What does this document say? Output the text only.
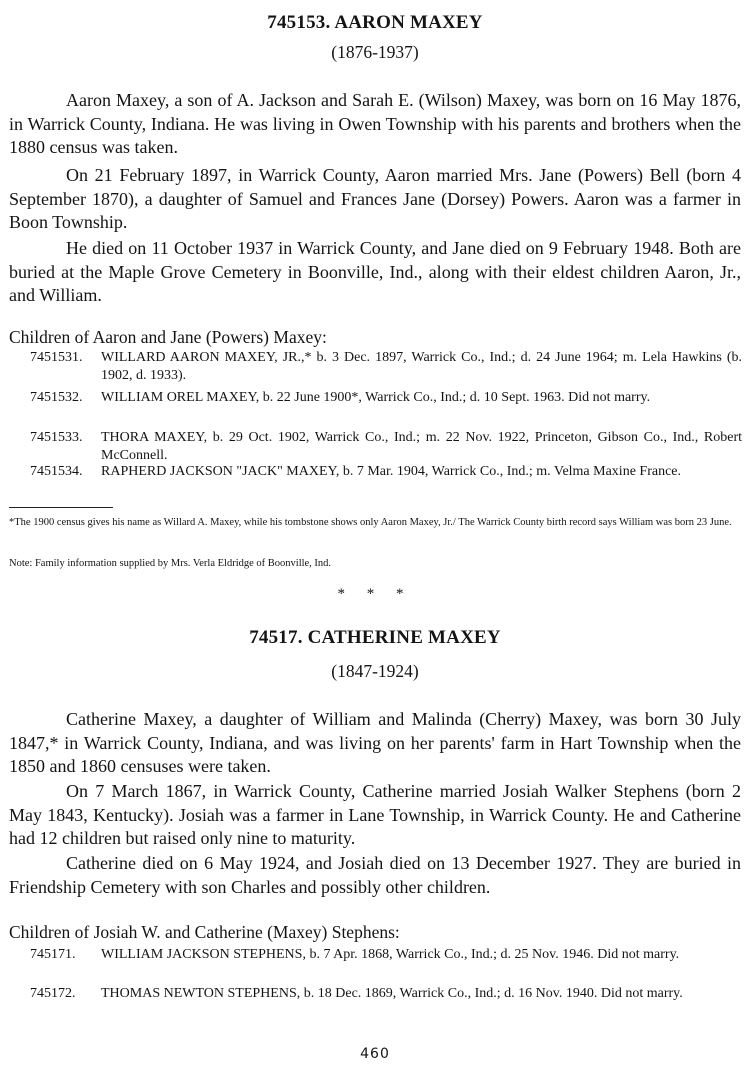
745153. AARON MAXEY
(1876-1937)

Aaron Maxey, a son of A. Jackson and Sarah E. (Wilson) Maxey, was born on 16 May 1876, in Warrick County, Indiana. He was living in Owen Township with his parents and brothers when the 1880 census was taken.

On 21 February 1897, in Warrick County, Aaron married Mrs. Jane (Powers) Bell (born 4 September 1870), a daughter of Samuel and Frances Jane (Dorsey) Powers. Aaron was a farmer in Boon Township.

He died on 11 October 1937 in Warrick County, and Jane died on 9 February 1948. Both are buried at the Maple Grove Cemetery in Boonville, Ind., along with their eldest children Aaron, Jr., and William.

Children of Aaron and Jane (Powers) Maxey:

7451531.	WILLARD AARON MAXEY, JR.,* b. 3 Dec. 1897, Warrick Co., Ind.; d. 24 June 1964; m. Lela Hawkins (b. 1902, d. 1933).
7451532.	WILLIAM OREL MAXEY, b. 22 June 1900*, Warrick Co., Ind.; d. 10 Sept. 1963. Did not marry.
7451533.	THORA MAXEY, b. 29 Oct. 1902, Warrick Co., Ind.; m. 22 Nov. 1922, Princeton, Gibson Co., Ind., Robert McConnell.
7451534.	RAPHERD JACKSON "JACK" MAXEY, b. 7 Mar. 1904, Warrick Co., Ind.; m. Velma Maxine France.

*The 1900 census gives his name as Willard A. Maxey, while his tombstone shows only Aaron Maxey, Jr./ The Warrick County birth record says William was born 23 June.

Note: Family information supplied by Mrs. Verla Eldridge of Boonville, Ind.

* * *
74517. CATHERINE MAXEY
(1847-1924)

Catherine Maxey, a daughter of William and Malinda (Cherry) Maxey, was born 30 July 1847,* in Warrick County, Indiana, and was living on her parents' farm in Hart Township when the 1850 and 1860 censuses were taken.

On 7 March 1867, in Warrick County, Catherine married Josiah Walker Stephens (born 2 May 1843, Kentucky). Josiah was a farmer in Lane Township, in Warrick County. He and Catherine had 12 children but raised only nine to maturity.

Catherine died on 6 May 1924, and Josiah died on 13 December 1927. They are buried in Friendship Cemetery with son Charles and possibly other children.

Children of Josiah W. and Catherine (Maxey) Stephens:

745171.	WILLIAM JACKSON STEPHENS, b. 7 Apr. 1868, Warrick Co., Ind.; d. 25 Nov. 1946. Did not marry.
745172.	THOMAS NEWTON STEPHENS, b. 18 Dec. 1869, Warrick Co., Ind.; d. 16 Nov. 1940. Did not marry.
460
